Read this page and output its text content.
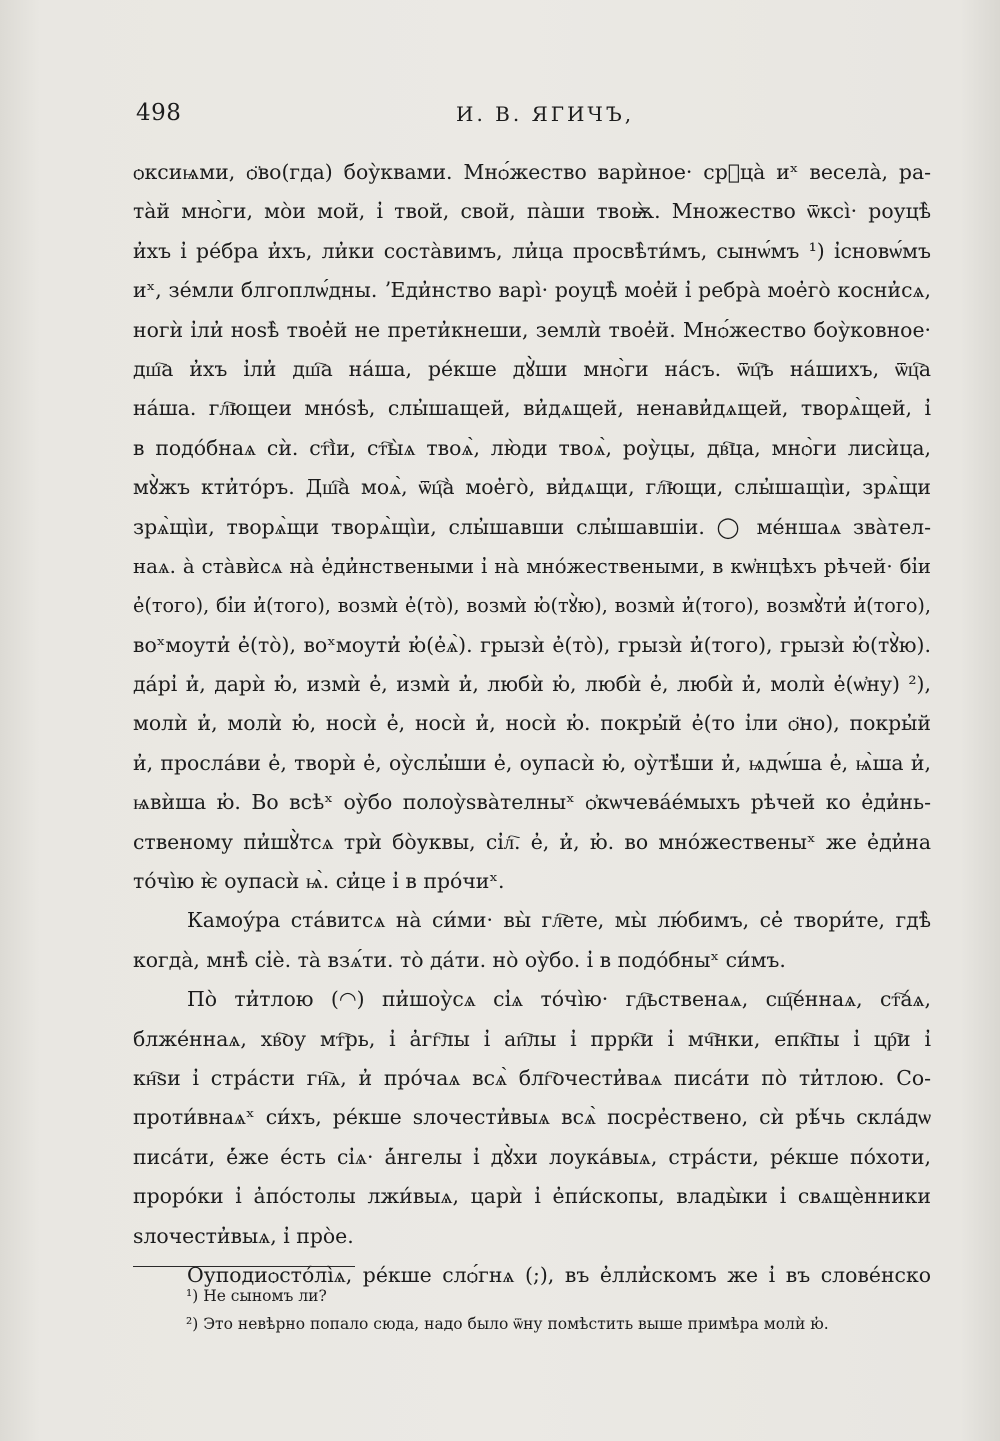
498	И. В. ЯГИЧЪ,
ѻксиѩми, ѻ̈во(гда) боу̀квами. Мнѻ́жество варѝное· срⷣца̀ иˣ весела̀, ра-
та̀й мнѻ̀ги, мо̀и мой, і̓ твой, свой, па̀ши твоѭ̀. Множество ѿксі̀· роуцѣ̀
и̓хъ і̓ ре́бра и̓хъ, ли̓ки соста̀вимъ, ли̓ца просвѣ̀ти́мъ, сынѡ́мъ ¹) і̓сновѡ́мъ
иˣ, зе́мли блгоплѡ́дны. ʼЕди̓нство варі̀· роуцѣ̀ мое̓й і̓ ребра̀ мое̓го̀ косни̓сѧ,
ногѝ і̓ли̓ ноѕѣ̀ твое̓й не прети̓кнеши, землѝ твое̓й. Мнѻ́жество боу̀ковное·
дш҇а и̓хъ і̓ли̓ дш҇а на́ша, ре́кше дꙋ̀ши мнѻ̀ги на́съ. ѿц҇ъ на́шихъ, ѿц҇а
на́ша. гл҇ющеи мно́ѕѣ, слы̓шащей, ви̓дѧщей, ненави̓дѧщей, творѧ̀щей, і̓
в подо́бнаѧ сѝ. ст҇і̀и, ст҇ы̀ѧ твоѧ̀, лю̀ди твоѧ̀, роу̀цы, дв҇ца, мнѻ̀ги лисѝца,
мꙋ̀жъ кти̓то́ръ. Дш҇а̀ моѧ̀, ѿц҇а̀ мое̓го̀, ви̓дѧщи, гл҇ющи, слы̓шащі̀и, зрѧ̀щи
зрѧ̀щі̀и, творѧ̀щи творѧ̀щі̀и, слы̓шавши слы̓шавшіи. ◯ ме́ншаѧ зва̀тел-
наѧ. а̀ ста̀вѝсѧ на̀ е̓ди̓нствеными і̓ на̀ мно́жествеными, в кѡ̓нцѣхъ рѣчей· бі̓и
е̓(того), бі̓и и̓(того), возмѝ е̓(то̀), возмѝ ю̓(тꙋ̀ю), возмѝ и̓(того), возмꙋ̀ти̓ и̓(того),
воˣмоути̓ е̓(то̀), воˣмоути̓ ю̓(е̓ѧ̀). грызѝ е̓(то̀), грызѝ и̓(того), грызѝ ю̓(тꙋ̀ю).
да́рі̓ и̓, дарѝ ю̓, измѝ е̓, измѝ и̓, любѝ ю̓, любѝ е̓, любѝ и̓, молѝ е̓(ѡ̓ну) ²),
молѝ и̓, молѝ ю̓, носѝ е̓, носѝ и̓, носѝ ю̓. покры̓й е̓(то і̓ли ѻ̈но), покры̓й
и̓, просла́ви е̓, творѝ е̓, оу̀слы̓ши е̓, оупасѝ ю̓, оу̀тѣ̓ши и̓, ѩдѡ́ша е̓, ѩ̀ша и̓,
ѩвѝша ю̓. Во всѣˣ оу̀бо полоу̀ѕва̀телныˣ ѻ̓кѡчева́е́мыхъ рѣчей ко е̓ди̓нь-
ственому пи̓шꙋ̀тсѧ трѝ бо̀уквы, сі̓л҇. е̓, и̓, ю̓. во мно́жественыˣ же е̓ди̓на
то́чі̀ю ѥ̀ оупасѝ ѩ̀. си̓це і̓ в про́чиˣ.
Камоу́ра ста́витсѧ на̀ си́ми· вы̀ гл҇ете, мы̀ лю́бимъ, се̓ твори́те, гдѣ̀
когда̀, мнѣ̀ сі̓ѐ. та̀ взѧ́ти. то̀ да́ти. но̀ оу̀бо. і̓ в подо́бныˣ си́мъ.
По̀ ти̓тлою (◠) пи̓шоу̀сѧ сі̓ѧ то́чі̀ю· гд҇ьственаѧ, сщ҇е́ннаѧ, ст҇а́ѧ,
блже́ннаѧ, хв҇оу мт҇рь, і̓ а̓гг҇лы і̓ ап҇лы і̓ пррк҇и і̓ мч҇нки, епк҇пы і̓ цр҇и і̓
кн҇ѕи і̓ стра́сти гн҇ѧ, и̓ про́чаѧ всѧ̀ блг҇очести̓ваѧ писа́ти по̀ ти̓тлою. Со-
проти́внаѧˣ си́хъ, ре́кше ѕлочести̓выѧ всѧ̀ посре̓ствено, сѝ рѣ́чь скла́дѡ
писа́ти, е̓́же е́сть сі̓ѧ· а̓́нгелы і̓ дꙋ̀хи лоука́выѧ, стра́сти, ре́кше по́хоти,
проро́ки і̓ а̓по́столы лжи́выѧ, царѝ і̓ е̓пи́скопы, влады̀ки і̓ свѧщѐнники
ѕлочести̓выѧ, і̓ про̀е.
Оуподиѻсто́лі̀ѧ, ре́кше слѻ́гнѧ (;), въ е̓лли̓скомъ же і̓ въ слове́нско
¹) Не сыномъ ли?
²) Это невѣрно попало сюда, надо было ѿну помѣстить выше примѣра молѝ ю̓.
